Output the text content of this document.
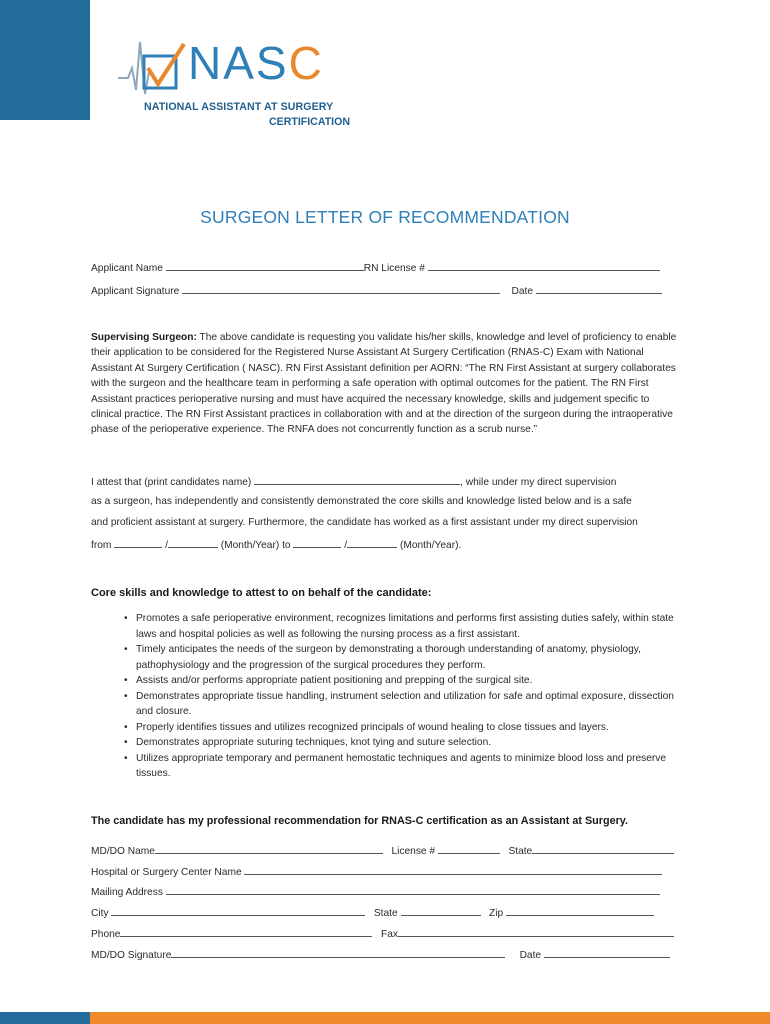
NASC
NATIONAL ASSISTANT AT SURGERY
CERTIFICATION
SURGEON LETTER OF RECOMMENDATION
Applicant Name	RN License #
Applicant Signature	Date
Supervising Surgeon: The above candidate is requesting you validate his/her skills, knowledge and level of proficiency to enable their application to be considered for the Registered Nurse Assistant At Surgery Certification (RNAS-C) Exam with National Assistant At Surgery Certification ( NASC). RN First Assistant definition per AORN: “The RN First Assistant at surgery collaborates with the surgeon and the healthcare team in performing a safe operation with optimal outcomes for the patient. The RN First Assistant practices perioperative nursing and must have acquired the necessary knowledge, skills and judgement specific to clinical practice. The RN First Assistant practices in collaboration with and at the direction of the surgeon during the intraoperative phase of the perioperative experience. The RNFA does not concurrently function as a scrub nurse.”
I attest that (print candidates name)	, while under my direct supervision
as a surgeon, has independently and consistently demonstrated the core skills and knowledge listed below and is a safe
and proficient assistant at surgery. Furthermore, the candidate has worked as a first assistant under my direct supervision
from	/	(Month/Year) to	/	(Month/Year).
Core skills and knowledge to attest to on behalf of the candidate:
• Promotes a safe perioperative environment, recognizes limitations and performs first assisting duties safely, within state laws and hospital policies as well as following the nursing process as a first assistant.
• Timely anticipates the needs of the surgeon by demonstrating a thorough understanding of anatomy, physiology, pathophysiology and the progression of the surgical procedures they perform.
• Assists and/or performs appropriate patient positioning and prepping of the surgical site.
• Demonstrates appropriate tissue handling, instrument selection and utilization for safe and optimal exposure, dissection and closure.
• Properly identifies tissues and utilizes recognized principals of wound healing to close tissues and layers.
• Demonstrates appropriate suturing techniques, knot tying and suture selection.
• Utilizes appropriate temporary and permanent hemostatic techniques and agents to minimize blood loss and preserve tissues.
The candidate has my professional recommendation for RNAS-C certification as an Assistant at Surgery.
MD/DO Name	License #	State
Hospital or Surgery Center Name
Mailing Address
City	State	Zip
Phone	Fax
MD/DO Signature	Date
